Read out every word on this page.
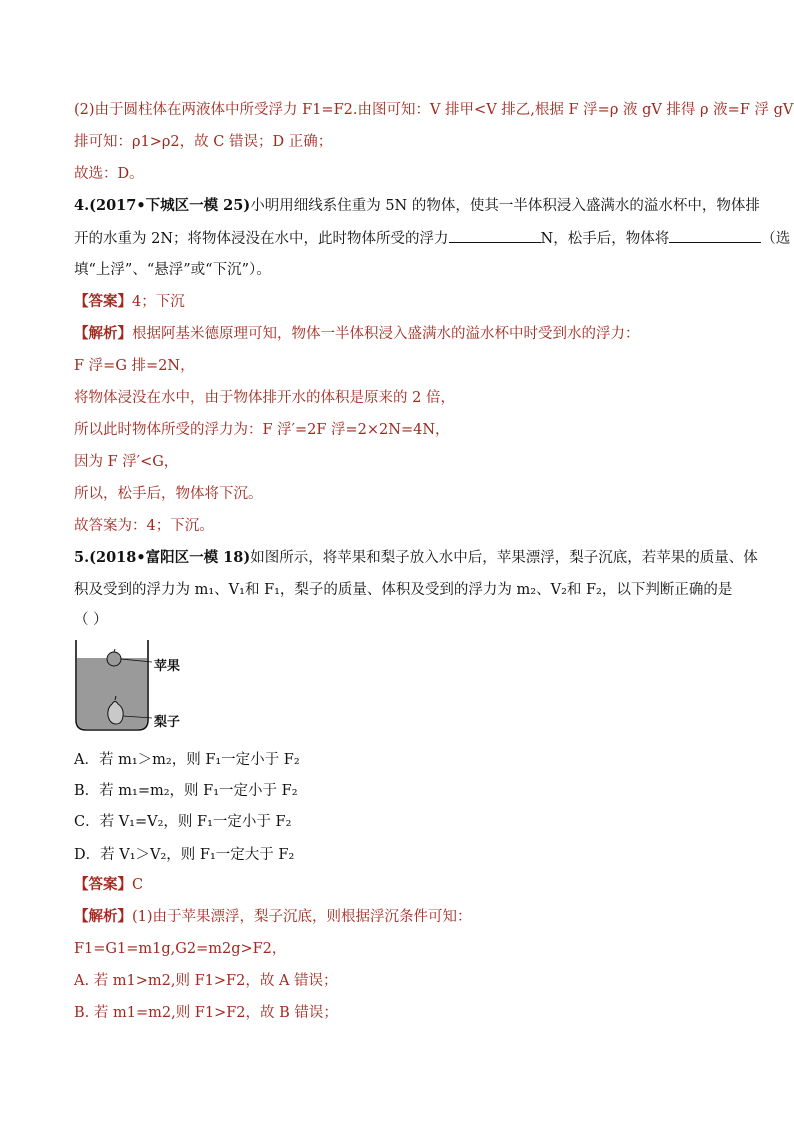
(2)由于圆柱体在两液体中所受浮力 F1=F2.由图可知：V 排甲<V 排乙,根据 F 浮=ρ 液 gV 排得 ρ 液=F 浮 gV
排可知：ρ1>ρ2，故 C 错误；D 正确；
故选：D。
4.(2017•下城区一模 25)小明用细线系住重为 5N 的物体，使其一半体积浸入盛满水的溢水杯中，物体排
开的水重为 2N；将物体浸没在水中，此时物体所受的浮力	N，松手后，物体将	（选
填“上浮”、“悬浮”或“下沉”）。
【答案】4；下沉
【解析】根据阿基米德原理可知，物体一半体积浸入盛满水的溢水杯中时受到水的浮力：
F 浮=G 排=2N，
将物体浸没在水中，由于物体排开水的体积是原来的 2 倍，
所以此时物体所受的浮力为：F 浮′=2F 浮=2×2N=4N，
因为 F 浮′<G，
所以，松手后，物体将下沉。
故答案为：4；下沉。
5.(2018•富阳区一模 18)如图所示，将苹果和梨子放入水中后，苹果漂浮，梨子沉底，若苹果的质量、体
积及受到的浮力为 m₁、V₁和 F₁，梨子的质量、体积及受到的浮力为 m₂、V₂和 F₂，以下判断正确的是
（ ）
苹果
梨子
A．若 m₁＞m₂，则 F₁一定小于 F₂
B．若 m₁=m₂，则 F₁一定小于 F₂
C．若 V₁=V₂，则 F₁一定小于 F₂
D．若 V₁＞V₂，则 F₁一定大于 F₂
【答案】C
【解析】(1)由于苹果漂浮，梨子沉底，则根据浮沉条件可知：
F1=G1=m1g,G2=m2g>F2，
A. 若 m1>m2,则 F1>F2，故 A 错误；
B. 若 m1=m2,则 F1>F2，故 B 错误；
